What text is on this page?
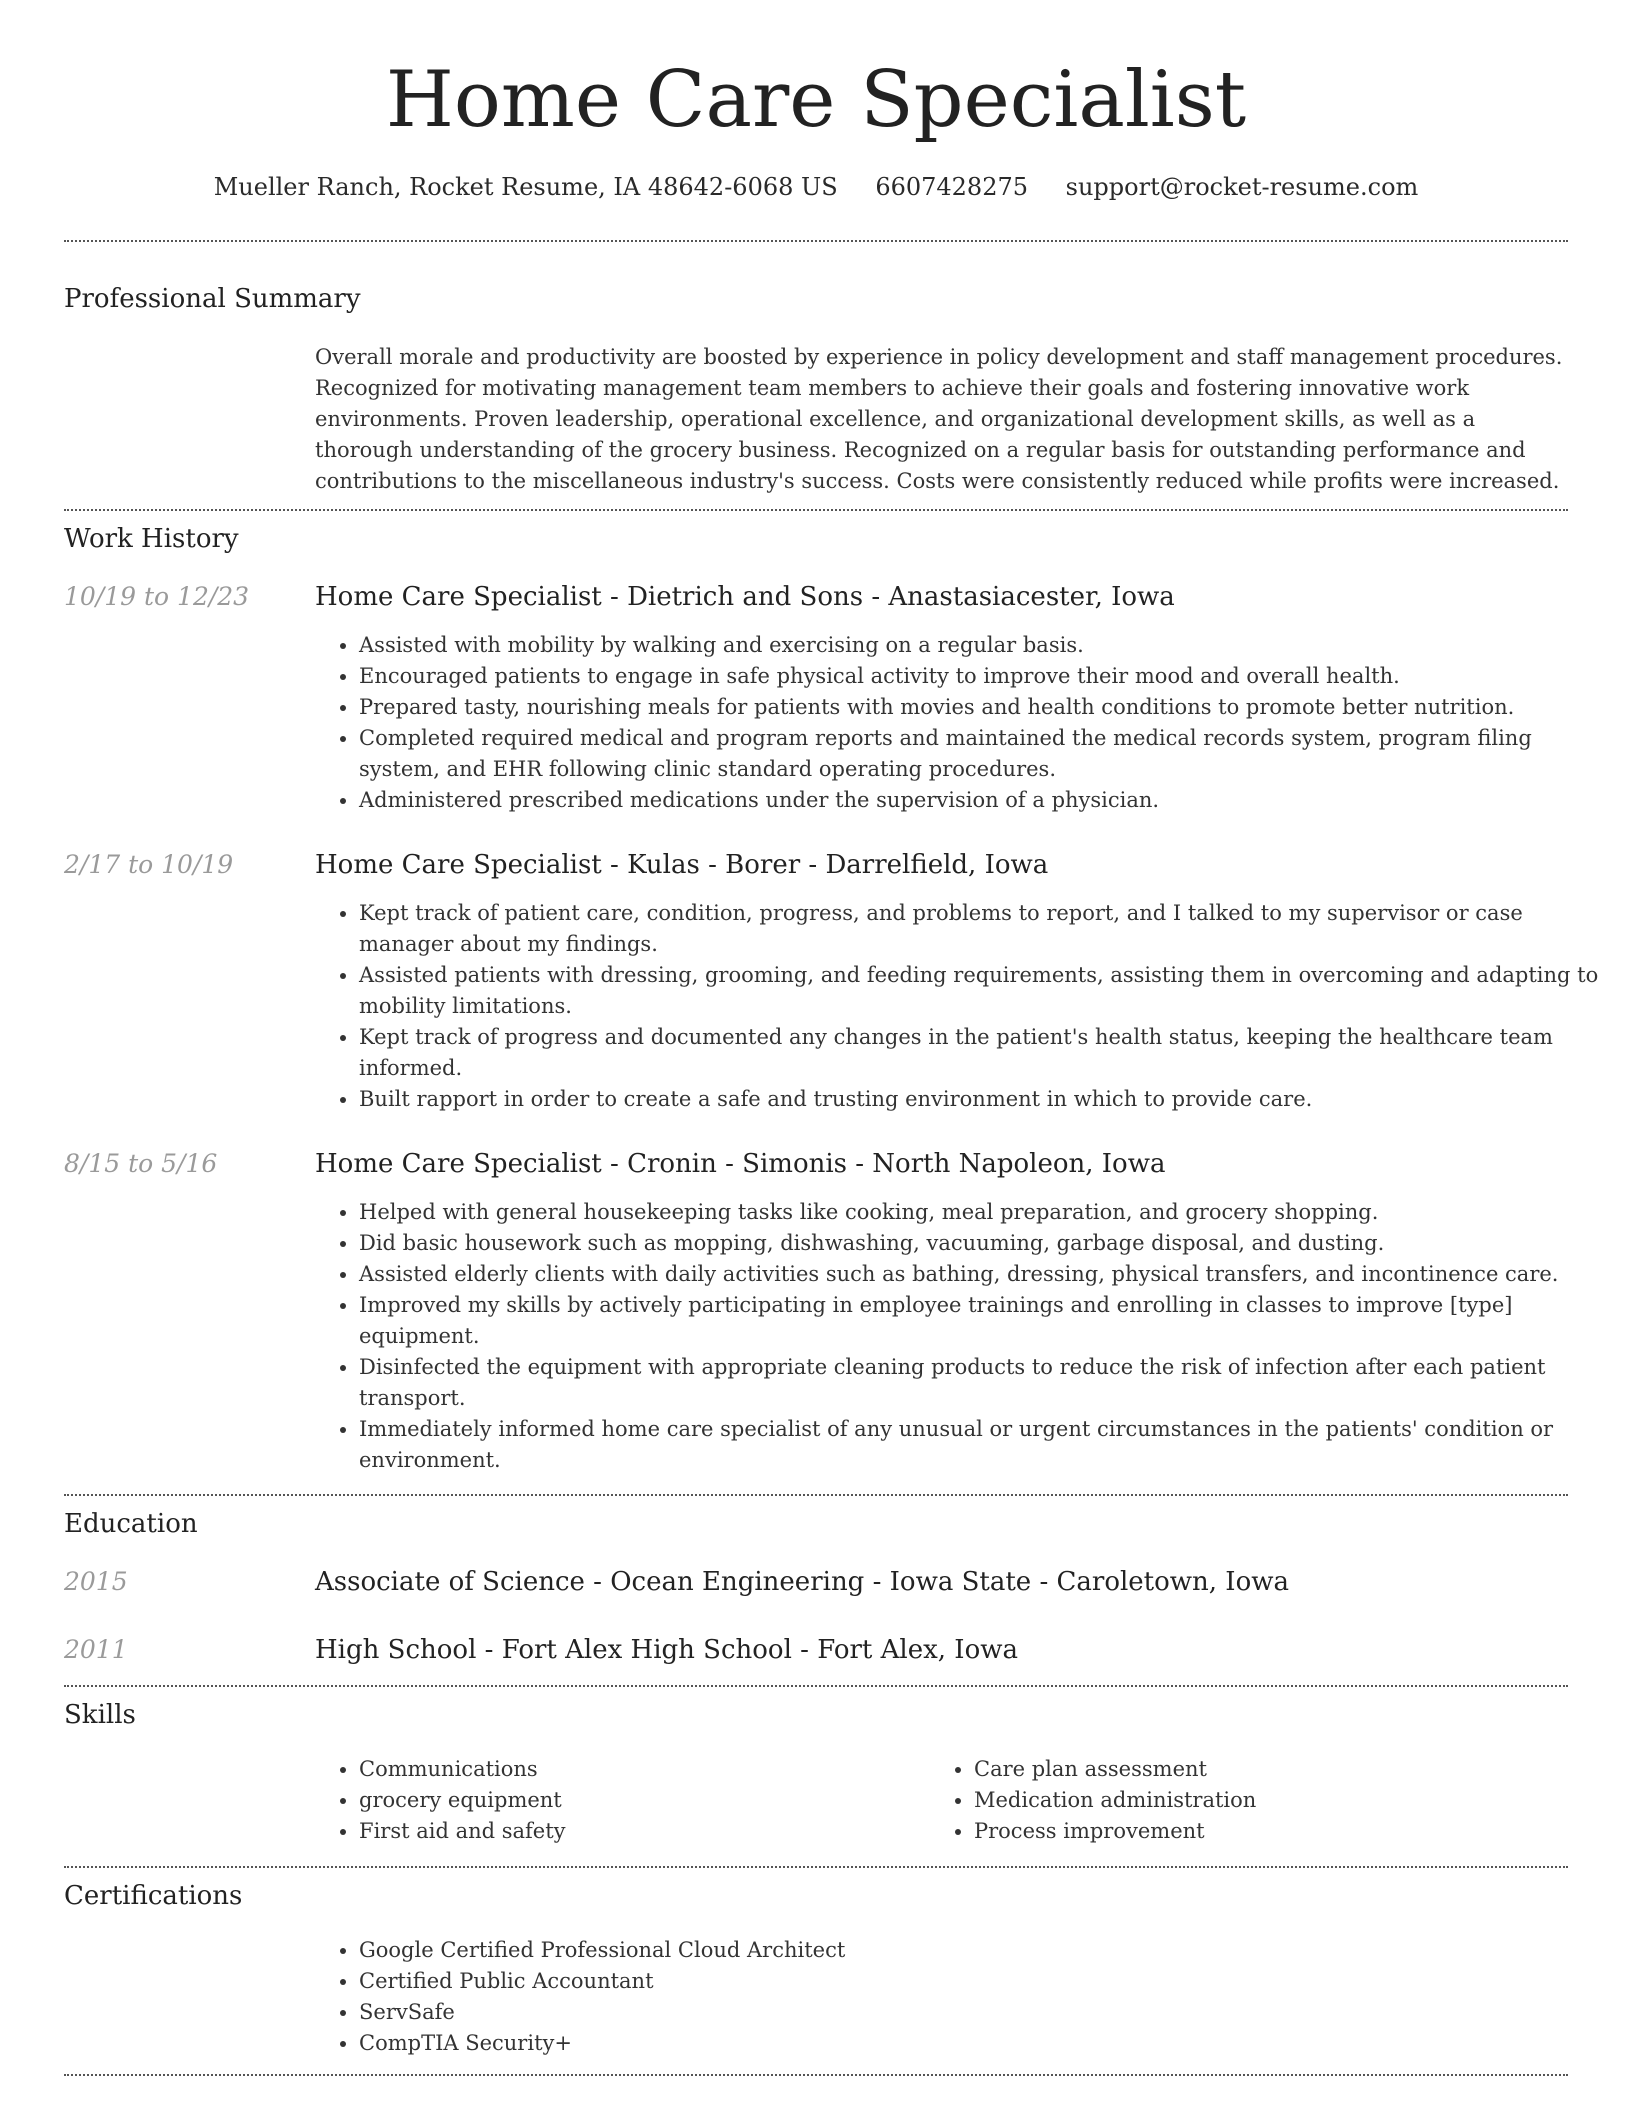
Home Care Specialist
Mueller Ranch, Rocket Resume, IA 48642-6068 US 6607428275 support@rocket-resume.com
Professional Summary

Overall morale and productivity are boosted by experience in policy development and staff management procedures. Recognized for motivating management team members to achieve their goals and fostering innovative work environments. Proven leadership, operational excellence, and organizational development skills, as well as a thorough understanding of the grocery business. Recognized on a regular basis for outstanding performance and contributions to the miscellaneous industry's success. Costs were consistently reduced while profits were increased.

Work History
10/19 to 12/23	Home Care Specialist - Dietrich and Sons - Anastasiacester, Iowa
• Assisted with mobility by walking and exercising on a regular basis.
• Encouraged patients to engage in safe physical activity to improve their mood and overall health.
• Prepared tasty, nourishing meals for patients with movies and health conditions to promote better nutrition.
• Completed required medical and program reports and maintained the medical records system, program filing system, and EHR following clinic standard operating procedures.
• Administered prescribed medications under the supervision of a physician.
2/17 to 10/19	Home Care Specialist - Kulas - Borer - Darrelfield, Iowa
• Kept track of patient care, condition, progress, and problems to report, and I talked to my supervisor or case manager about my findings.
• Assisted patients with dressing, grooming, and feeding requirements, assisting them in overcoming and adapting to mobility limitations.
• Kept track of progress and documented any changes in the patient's health status, keeping the healthcare team informed.
• Built rapport in order to create a safe and trusting environment in which to provide care.
8/15 to 5/16	Home Care Specialist - Cronin - Simonis - North Napoleon, Iowa
• Helped with general housekeeping tasks like cooking, meal preparation, and grocery shopping.
• Did basic housework such as mopping, dishwashing, vacuuming, garbage disposal, and dusting.
• Assisted elderly clients with daily activities such as bathing, dressing, physical transfers, and incontinence care.
• Improved my skills by actively participating in employee trainings and enrolling in classes to improve [type] equipment.
• Disinfected the equipment with appropriate cleaning products to reduce the risk of infection after each patient transport.
• Immediately informed home care specialist of any unusual or urgent circumstances in the patients' condition or environment.
Education
2015	Associate of Science - Ocean Engineering - Iowa State - Caroletown, Iowa
2011	High School - Fort Alex High School - Fort Alex, Iowa
Skills
• Communications
• grocery equipment
• First aid and safety
• Care plan assessment
• Medication administration
• Process improvement
Certifications
• Google Certified Professional Cloud Architect
• Certified Public Accountant
• ServSafe
• CompTIA Security+
